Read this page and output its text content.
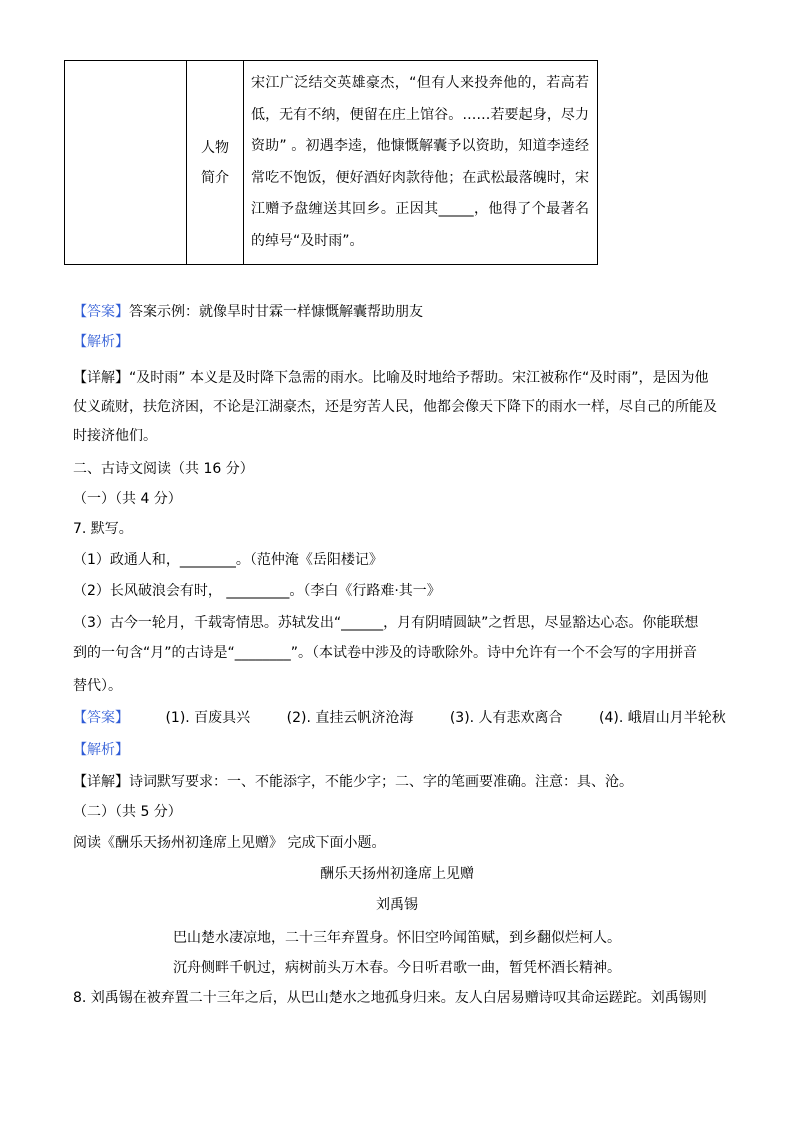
人物
简介
	宋江广泛结交英雄豪杰，“但有人来投奔他的，若高若低，无有不纳，便留在庄上馆谷。……若要起身，尽力资助” 。初遇李逵，他慷慨解囊予以资助，知道李逵经常吃不饱饭，便好酒好肉款待他；在武松最落魄时，宋江赠予盘缠送其回乡。正因其_____，他得了个最著名的绰号“及时雨”。
【答案】答案示例：就像旱时甘霖一样慷慨解囊帮助朋友
【解析】
【详解】“及时雨” 本义是及时降下急需的雨水。比喻及时地给予帮助。宋江被称作“及时雨”，是因为他
仗义疏财，扶危济困，不论是江湖豪杰，还是穷苦人民，他都会像天下降下的雨水一样，尽自己的所能及
时接济他们。
二、古诗文阅读（共 16 分）
（一）（共 4 分）
7. 默写。
（1）政通人和，________。（范仲淹《岳阳楼记》
（2）长风破浪会有时， _________。（李白《行路难·其一》
（3）古今一轮月，千载寄情思。苏轼发出“______，月有阴晴圆缺”之哲思，尽显豁达心态。你能联想
到的一句含“月”的古诗是“________”。（本试卷中涉及的诗歌除外。诗中允许有一个不会写的字用拼音
替代）。
【答案】	(1). 百废具兴	(2). 直挂云帆济沧海	(3). 人有悲欢离合	(4). 峨眉山月半轮秋
【解析】
【详解】诗词默写要求：一、不能添字，不能少字；二、字的笔画要准确。注意：具、沧。
（二）（共 5 分）
阅读《酬乐天扬州初逢席上见赠》 完成下面小题。
酬乐天扬州初逢席上见赠
刘禹锡
巴山楚水凄凉地，二十三年弃置身。怀旧空吟闻笛赋，到乡翻似烂柯人。
沉舟侧畔千帆过，病树前头万木春。今日听君歌一曲，暂凭杯酒长精神。
8. 刘禹锡在被弃置二十三年之后，从巴山楚水之地孤身归来。友人白居易赠诗叹其命运蹉跎。刘禹锡则
